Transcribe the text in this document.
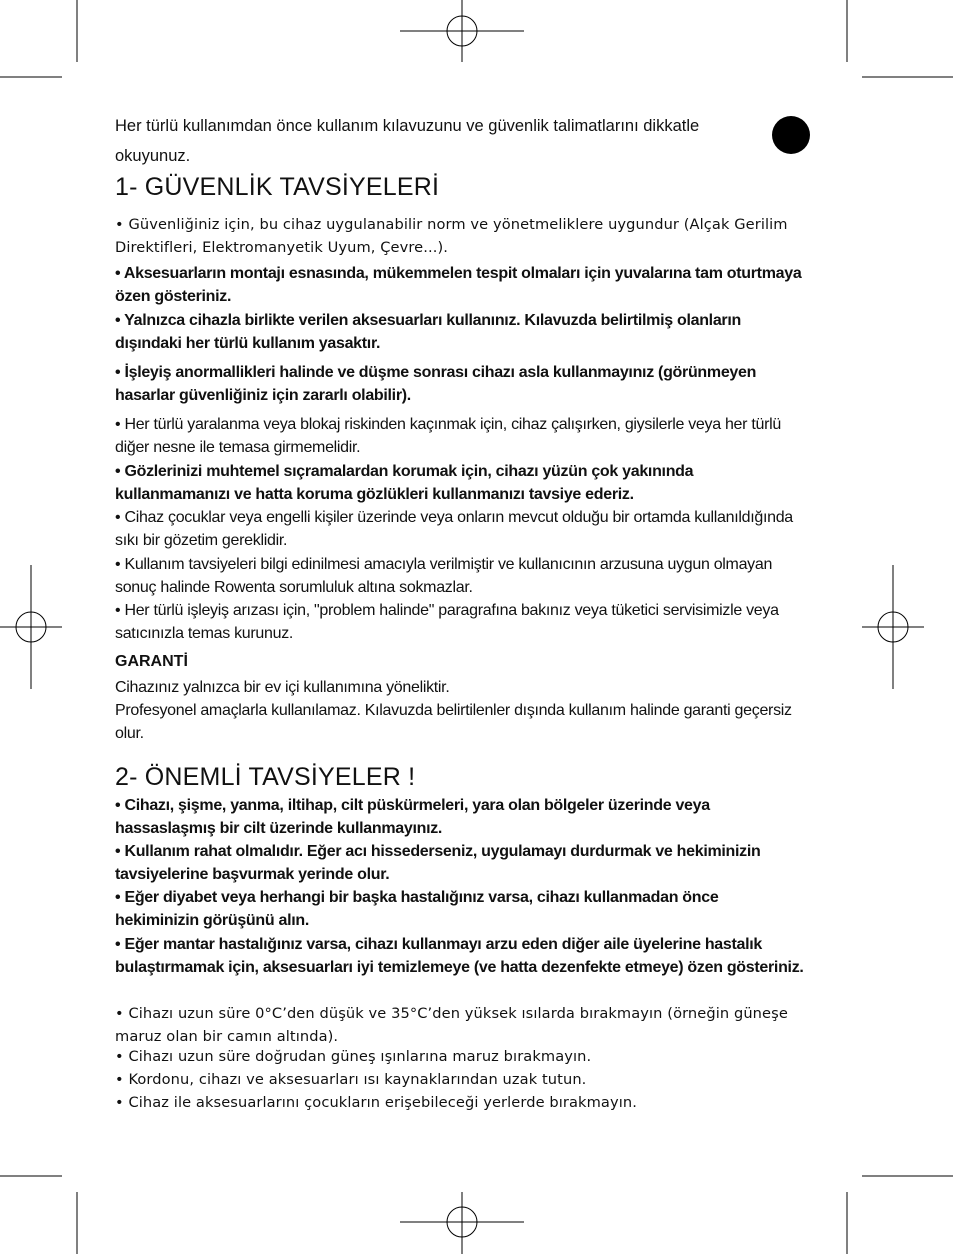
Her türlü kullanımdan önce kullanım kılavuzunu ve güvenlik talimatlarını dikkatle okuyunuz.
1- GÜVENLİK TAVSİYELERİ
• Güvenliğiniz için, bu cihaz uygulanabilir norm ve yönetmeliklere uygundur (Alçak Gerilim Direktifleri, Elektromanyetik Uyum, Çevre...).
• Aksesuarların montajı esnasında, mükemmelen tespit olmaları için yuvalarına tam oturtmaya özen gösteriniz.
• Yalnızca cihazla birlikte verilen aksesuarları kullanınız. Kılavuzda belirtilmiş olanların dışındaki her türlü kullanım yasaktır.
• İşleyiş anormallikleri halinde ve düşme sonrası cihazı asla kullanmayınız (görünmeyen hasarlar güvenliğiniz için zararlı olabilir).
• Her türlü yaralanma veya blokaj riskinden kaçınmak için, cihaz çalışırken, giysilerle veya her türlü diğer nesne ile temasa girmemelidir.
• Gözlerinizi muhtemel sıçramalardan korumak için, cihazı yüzün çok yakınında kullanmamanızı ve hatta koruma gözlükleri kullanmanızı tavsiye ederiz.
• Cihaz çocuklar veya engelli kişiler üzerinde veya onların mevcut olduğu bir ortamda kullanıldığında sıkı bir gözetim gereklidir.
• Kullanım tavsiyeleri bilgi edinilmesi amacıyla verilmiştir ve kullanıcının arzusuna uygun olmayan sonuç halinde Rowenta sorumluluk altına sokmazlar.
• Her türlü işleyiş arızası için, "problem halinde" paragrafına bakınız veya tüketici servisimizle veya satıcınızla temas kurunuz.
GARANTİ
Cihazınız yalnızca bir ev içi kullanımına yöneliktir.
Profesyonel amaçlarla kullanılamaz. Kılavuzda belirtilenler dışında kullanım halinde garanti geçersiz olur.
2- ÖNEMLİ TAVSİYELER !
• Cihazı, şişme, yanma, iltihap, cilt püskürmeleri, yara olan bölgeler üzerinde veya hassaslaşmış bir cilt üzerinde kullanmayınız.
• Kullanım rahat olmalıdır. Eğer acı hissederseniz, uygulamayı durdurmak ve hekiminizin tavsiyelerine başvurmak yerinde olur.
• Eğer diyabet veya herhangi bir başka hastalığınız varsa, cihazı kullanmadan önce hekiminizin görüşünü alın.
• Eğer mantar hastalığınız varsa, cihazı kullanmayı arzu eden diğer aile üyelerine hastalık bulaştırmamak için, aksesuarları iyi temizlemeye (ve hatta dezenfekte etmeye) özen gösteriniz.
• Cihazı uzun süre 0°C’den düşük ve 35°C’den yüksek ısılarda bırakmayın (örneğin güneşe maruz olan bir camın altında).
• Cihazı uzun süre doğrudan güneş ışınlarına maruz bırakmayın.
• Kordonu, cihazı ve aksesuarları ısı kaynaklarından uzak tutun.
• Cihaz ile aksesuarlarını çocukların erişebileceği yerlerde bırakmayın.
